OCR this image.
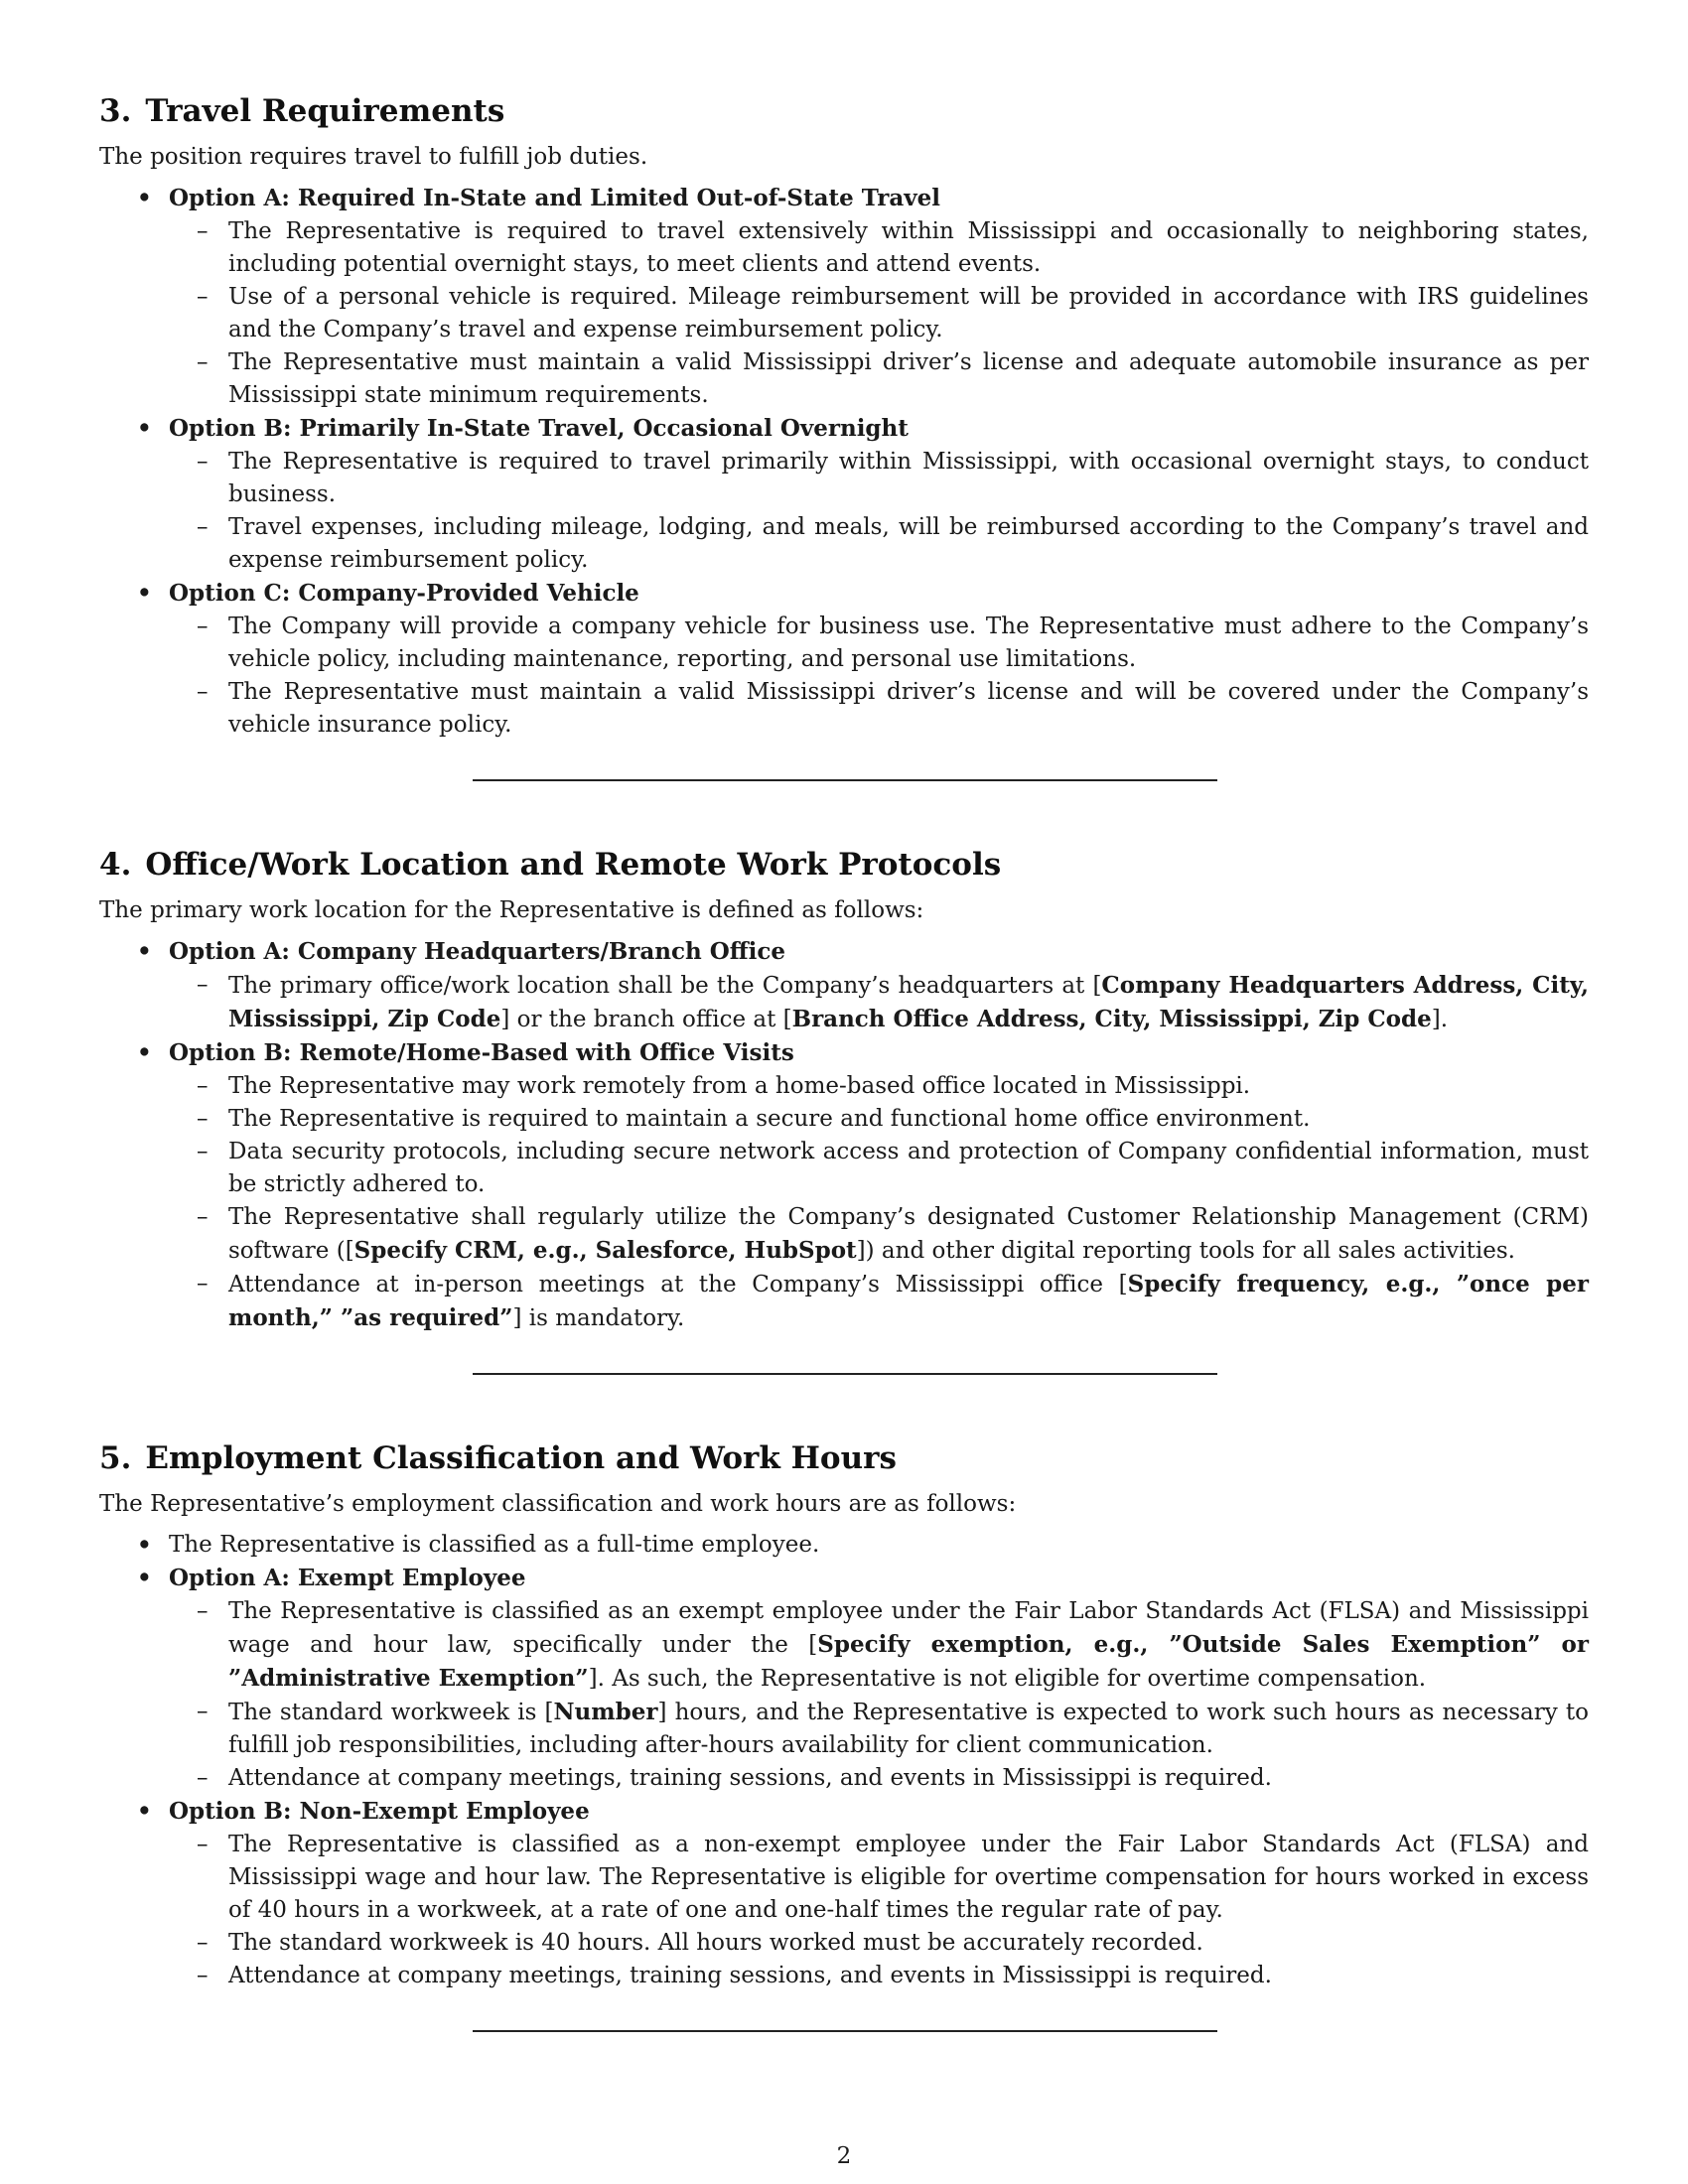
3. Travel Requirements

The position requires travel to fulfill job duties.

• Option A: Required In-State and Limited Out-of-State Travel
– The Representative is required to travel extensively within Mississippi and occasionally to neighboring states, including potential overnight stays, to meet clients and attend events.
– Use of a personal vehicle is required. Mileage reimbursement will be provided in accordance with IRS guidelines and the Company’s travel and expense reimbursement policy.
– The Representative must maintain a valid Mississippi driver’s license and adequate automobile insurance as per Mississippi state minimum requirements.
• Option B: Primarily In-State Travel, Occasional Overnight
– The Representative is required to travel primarily within Mississippi, with occasional overnight stays, to conduct business.
– Travel expenses, including mileage, lodging, and meals, will be reimbursed according to the Company’s travel and expense reimbursement policy.
• Option C: Company-Provided Vehicle
– The Company will provide a company vehicle for business use. The Representative must adhere to the Company’s vehicle policy, including maintenance, reporting, and personal use limitations.
– The Representative must maintain a valid Mississippi driver’s license and will be covered under the Company’s vehicle insurance policy.
4. Office/Work Location and Remote Work Protocols

The primary work location for the Representative is defined as follows:

• Option A: Company Headquarters/Branch Office
– The primary office/work location shall be the Company’s headquarters at [Company Headquarters Address, City, Mississippi, Zip Code] or the branch office at [Branch Office Address, City, Mississippi, Zip Code].
• Option B: Remote/Home-Based with Office Visits
– The Representative may work remotely from a home-based office located in Mississippi.
– The Representative is required to maintain a secure and functional home office environment.
– Data security protocols, including secure network access and protection of Company confidential information, must be strictly adhered to.
– The Representative shall regularly utilize the Company’s designated Customer Relationship Management (CRM) software ([Specify CRM, e.g., Salesforce, HubSpot]) and other digital reporting tools for all sales activities.
– Attendance at in-person meetings at the Company’s Mississippi office [Specify frequency, e.g., ”once per month,” ”as required”] is mandatory.
5. Employment Classification and Work Hours

The Representative’s employment classification and work hours are as follows:

• The Representative is classified as a full-time employee.
• Option A: Exempt Employee
– The Representative is classified as an exempt employee under the Fair Labor Standards Act (FLSA) and Mississippi wage and hour law, specifically under the [Specify exemption, e.g., ”Outside Sales Exemption” or ”Administrative Exemption”]. As such, the Representative is not eligible for overtime compensation.
– The standard workweek is [Number] hours, and the Representative is expected to work such hours as necessary to fulfill job responsibilities, including after-hours availability for client communication.
– Attendance at company meetings, training sessions, and events in Mississippi is required.
• Option B: Non-Exempt Employee
– The Representative is classified as a non-exempt employee under the Fair Labor Standards Act (FLSA) and Mississippi wage and hour law. The Representative is eligible for overtime compensation for hours worked in excess of 40 hours in a workweek, at a rate of one and one-half times the regular rate of pay.
– The standard workweek is 40 hours. All hours worked must be accurately recorded.
– Attendance at company meetings, training sessions, and events in Mississippi is required.
2
